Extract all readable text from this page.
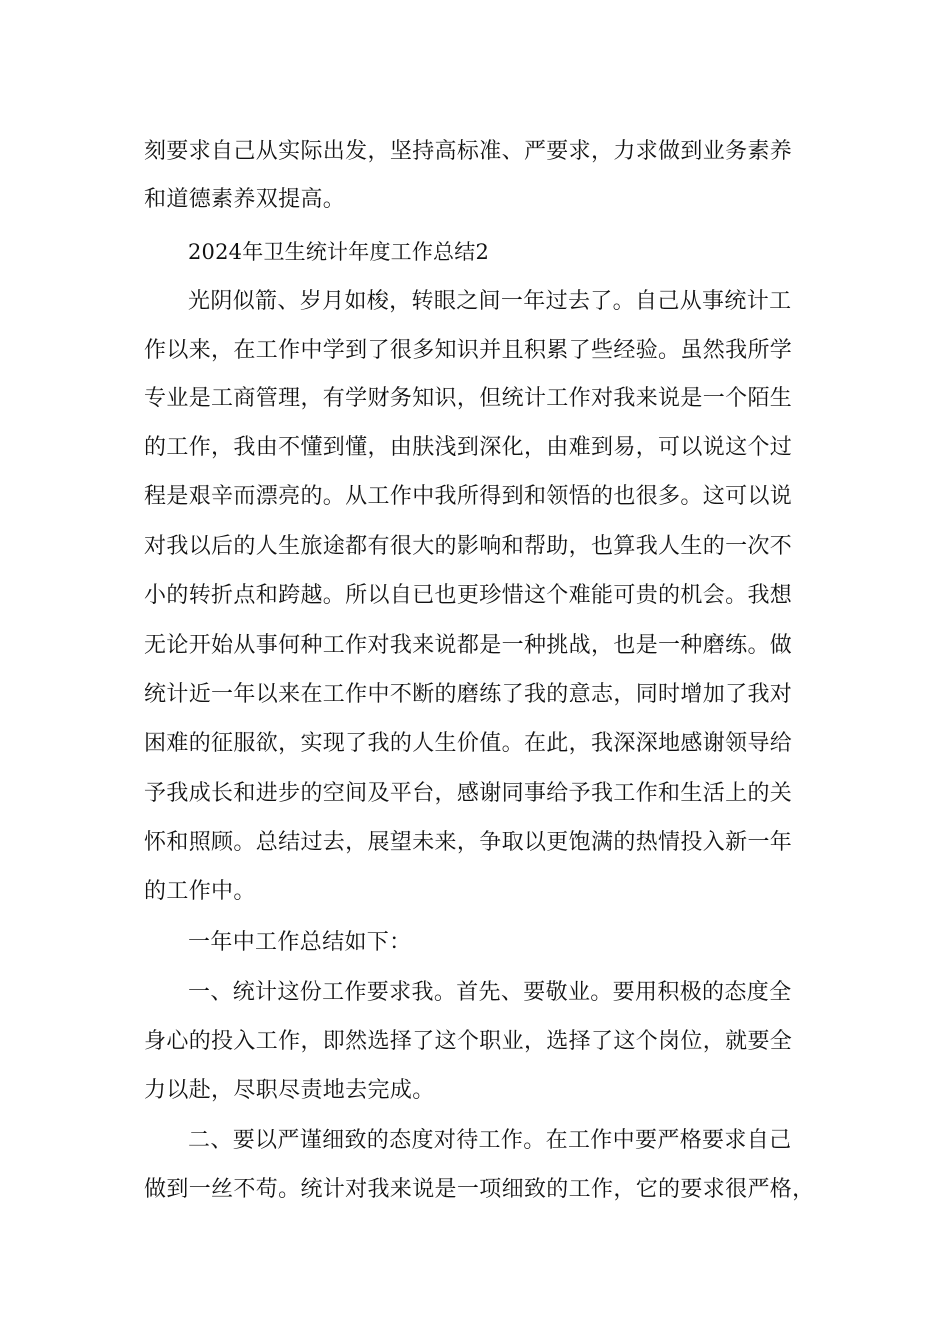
刻要求自己从实际出发，坚持高标准、严要求，力求做到业务素养
和道德素养双提高。
2024年卫生统计年度工作总结2
光阴似箭、岁月如梭，转眼之间一年过去了。自己从事统计工
作以来，在工作中学到了很多知识并且积累了些经验。虽然我所学
专业是工商管理，有学财务知识，但统计工作对我来说是一个陌生
的工作，我由不懂到懂，由肤浅到深化，由难到易，可以说这个过
程是艰辛而漂亮的。从工作中我所得到和领悟的也很多。这可以说
对我以后的人生旅途都有很大的影响和帮助，也算我人生的一次不
小的转折点和跨越。所以自已也更珍惜这个难能可贵的机会。我想
无论开始从事何种工作对我来说都是一种挑战，也是一种磨练。做
统计近一年以来在工作中不断的磨练了我的意志，同时增加了我对
困难的征服欲，实现了我的人生价值。在此，我深深地感谢领导给
予我成长和进步的空间及平台，感谢同事给予我工作和生活上的关
怀和照顾。总结过去，展望未来，争取以更饱满的热情投入新一年
的工作中。
一年中工作总结如下：
一、统计这份工作要求我。首先、要敬业。要用积极的态度全
身心的投入工作，即然选择了这个职业，选择了这个岗位，就要全
力以赴，尽职尽责地去完成。
二、要以严谨细致的态度对待工作。在工作中要严格要求自己
做到一丝不苟。统计对我来说是一项细致的工作，它的要求很严格，
